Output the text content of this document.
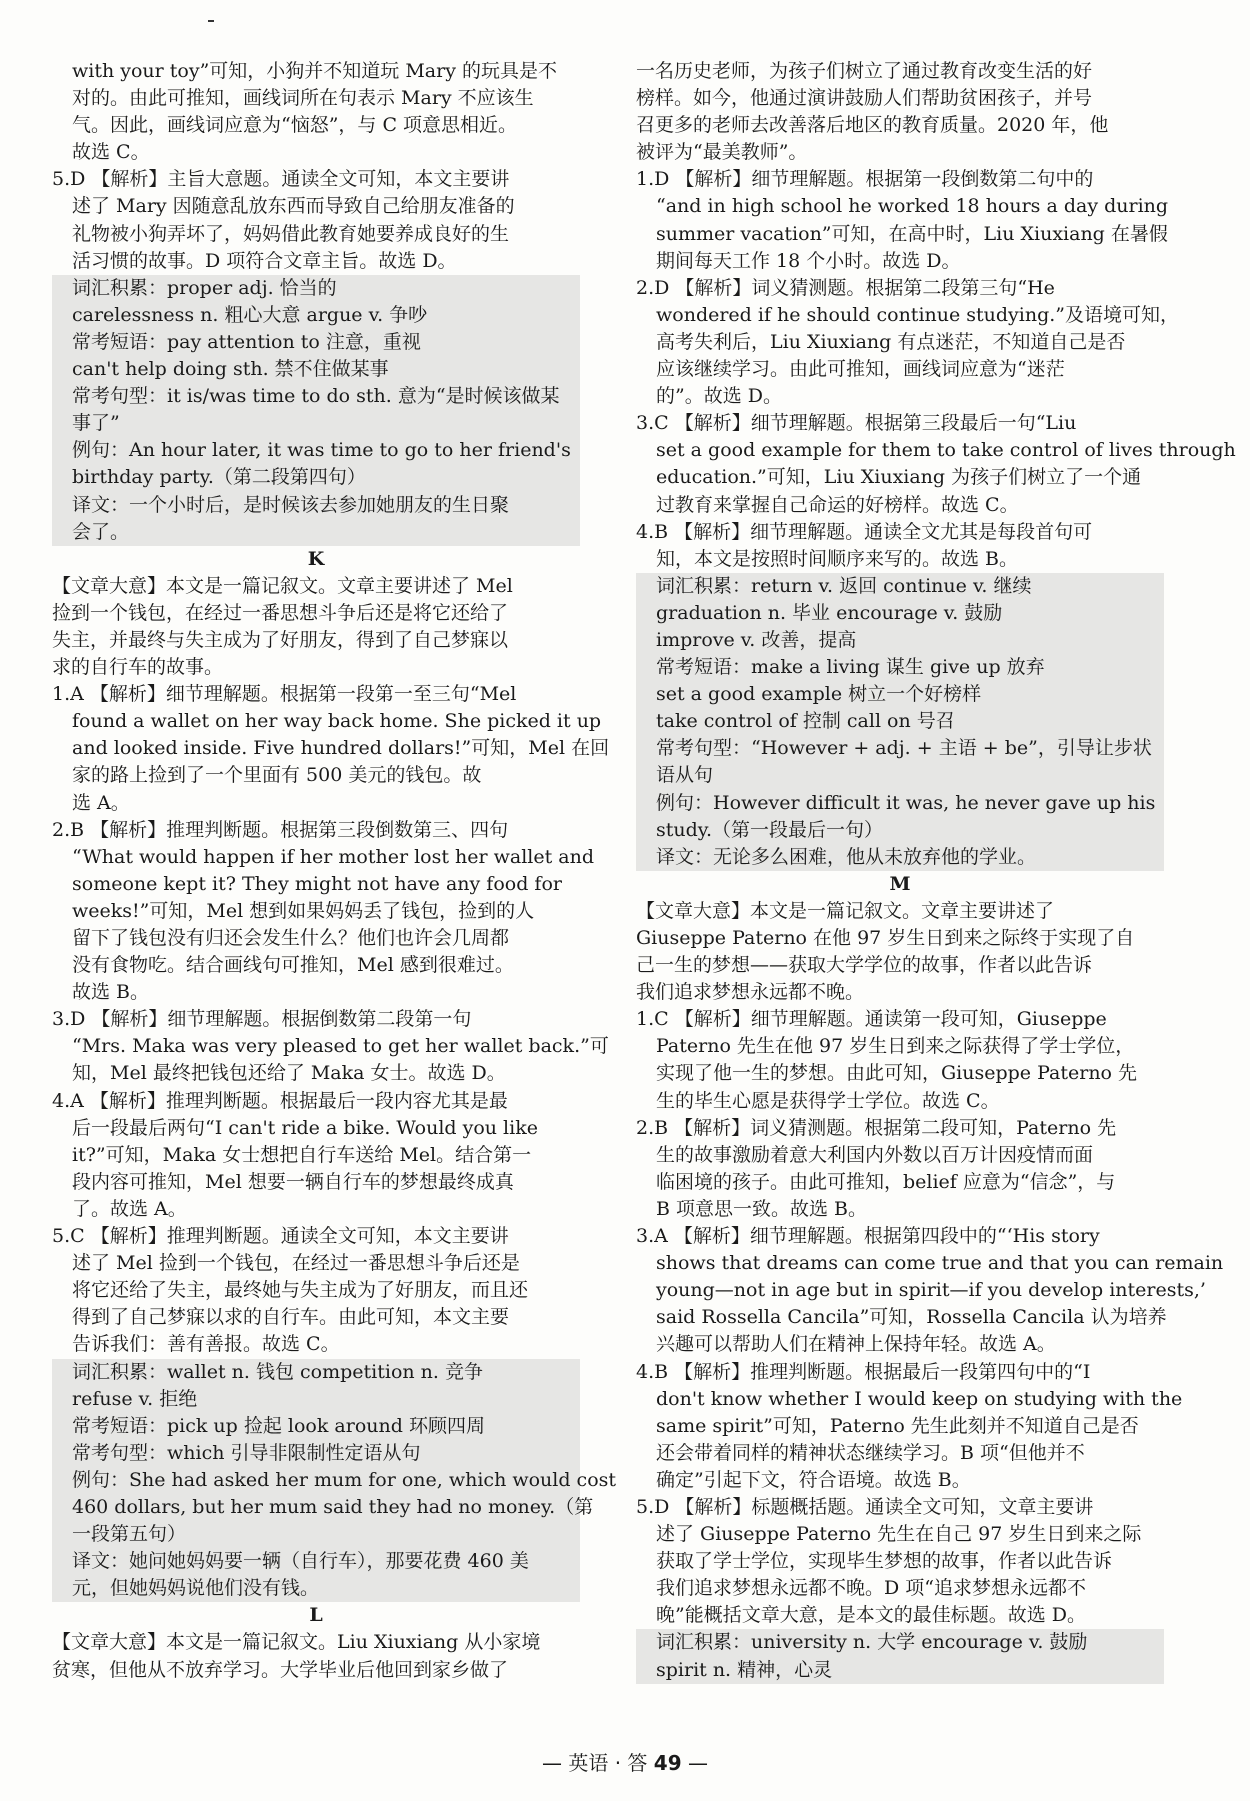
with your toy”可知，小狗并不知道玩 Mary 的玩具是不
对的。由此可推知，画线词所在句表示 Mary 不应该生
气。因此，画线词应意为“恼怒”，与 C 项意思相近。
故选 C。
5.D 【解析】主旨大意题。通读全文可知，本文主要讲
述了 Mary 因随意乱放东西而导致自己给朋友准备的
礼物被小狗弄坏了，妈妈借此教育她要养成良好的生
活习惯的故事。D 项符合文章主旨。故选 D。
词汇积累：proper adj. 恰当的
carelessness n. 粗心大意 argue v. 争吵
常考短语：pay attention to 注意，重视
can't help doing sth. 禁不住做某事
常考句型：it is/was time to do sth. 意为“是时候该做某
事了”
例句：An hour later, it was time to go to her friend's
birthday party.（第二段第四句）
译文：一个小时后，是时候该去参加她朋友的生日聚
会了。
K
【文章大意】本文是一篇记叙文。文章主要讲述了 Mel
捡到一个钱包，在经过一番思想斗争后还是将它还给了
失主，并最终与失主成为了好朋友，得到了自己梦寐以
求的自行车的故事。
1.A 【解析】细节理解题。根据第一段第一至三句“Mel
found a wallet on her way back home. She picked it up
and looked inside. Five hundred dollars!”可知，Mel 在回
家的路上捡到了一个里面有 500 美元的钱包。故
选 A。
2.B 【解析】推理判断题。根据第三段倒数第三、四句
“What would happen if her mother lost her wallet and
someone kept it? They might not have any food for
weeks!”可知，Mel 想到如果妈妈丢了钱包，捡到的人
留下了钱包没有归还会发生什么？他们也许会几周都
没有食物吃。结合画线句可推知，Mel 感到很难过。
故选 B。
3.D 【解析】细节理解题。根据倒数第二段第一句
“Mrs. Maka was very pleased to get her wallet back.”可
知，Mel 最终把钱包还给了 Maka 女士。故选 D。
4.A 【解析】推理判断题。根据最后一段内容尤其是最
后一段最后两句“I can't ride a bike. Would you like
it?”可知，Maka 女士想把自行车送给 Mel。结合第一
段内容可推知，Mel 想要一辆自行车的梦想最终成真
了。故选 A。
5.C 【解析】推理判断题。通读全文可知，本文主要讲
述了 Mel 捡到一个钱包，在经过一番思想斗争后还是
将它还给了失主，最终她与失主成为了好朋友，而且还
得到了自己梦寐以求的自行车。由此可知，本文主要
告诉我们：善有善报。故选 C。
词汇积累：wallet n. 钱包 competition n. 竞争
refuse v. 拒绝
常考短语：pick up 捡起 look around 环顾四周
常考句型：which 引导非限制性定语从句
例句：She had asked her mum for one, which would cost
460 dollars, but her mum said they had no money.（第
一段第五句）
译文：她问她妈妈要一辆（自行车），那要花费 460 美
元，但她妈妈说他们没有钱。
L
【文章大意】本文是一篇记叙文。Liu Xiuxiang 从小家境
贫寒，但他从不放弃学习。大学毕业后他回到家乡做了
一名历史老师，为孩子们树立了通过教育改变生活的好
榜样。如今，他通过演讲鼓励人们帮助贫困孩子，并号
召更多的老师去改善落后地区的教育质量。2020 年，他
被评为“最美教师”。
1.D 【解析】细节理解题。根据第一段倒数第二句中的
“and in high school he worked 18 hours a day during
summer vacation”可知，在高中时，Liu Xiuxiang 在暑假
期间每天工作 18 个小时。故选 D。
2.D 【解析】词义猜测题。根据第二段第三句“He
wondered if he should continue studying.”及语境可知，
高考失利后，Liu Xiuxiang 有点迷茫，不知道自己是否
应该继续学习。由此可推知，画线词应意为“迷茫
的”。故选 D。
3.C 【解析】细节理解题。根据第三段最后一句“Liu
set a good example for them to take control of lives through
education.”可知，Liu Xiuxiang 为孩子们树立了一个通
过教育来掌握自己命运的好榜样。故选 C。
4.B 【解析】细节理解题。通读全文尤其是每段首句可
知，本文是按照时间顺序来写的。故选 B。
词汇积累：return v. 返回 continue v. 继续
graduation n. 毕业 encourage v. 鼓励
improve v. 改善，提高
常考短语：make a living 谋生 give up 放弃
set a good example 树立一个好榜样
take control of 控制 call on 号召
常考句型：“However + adj. + 主语 + be”，引导让步状
语从句
例句：However difficult it was, he never gave up his
study.（第一段最后一句）
译文：无论多么困难，他从未放弃他的学业。
M
【文章大意】本文是一篇记叙文。文章主要讲述了
Giuseppe Paterno 在他 97 岁生日到来之际终于实现了自
己一生的梦想——获取大学学位的故事，作者以此告诉
我们追求梦想永远都不晚。
1.C 【解析】细节理解题。通读第一段可知，Giuseppe
Paterno 先生在他 97 岁生日到来之际获得了学士学位，
实现了他一生的梦想。由此可知，Giuseppe Paterno 先
生的毕生心愿是获得学士学位。故选 C。
2.B 【解析】词义猜测题。根据第二段可知，Paterno 先
生的故事激励着意大利国内外数以百万计因疫情而面
临困境的孩子。由此可推知，belief 应意为“信念”，与
B 项意思一致。故选 B。
3.A 【解析】细节理解题。根据第四段中的“‘His story
shows that dreams can come true and that you can remain
young—not in age but in spirit—if you develop interests,’
said Rossella Cancila”可知，Rossella Cancila 认为培养
兴趣可以帮助人们在精神上保持年轻。故选 A。
4.B 【解析】推理判断题。根据最后一段第四句中的“I
don't know whether I would keep on studying with the
same spirit”可知，Paterno 先生此刻并不知道自己是否
还会带着同样的精神状态继续学习。B 项“但他并不
确定”引起下文，符合语境。故选 B。
5.D 【解析】标题概括题。通读全文可知，文章主要讲
述了 Giuseppe Paterno 先生在自己 97 岁生日到来之际
获取了学士学位，实现毕生梦想的故事，作者以此告诉
我们追求梦想永远都不晚。D 项“追求梦想永远都不
晚”能概括文章大意，是本文的最佳标题。故选 D。
词汇积累：university n. 大学 encourage v. 鼓励
spirit n. 精神，心灵
— 英语 · 答 49 —
